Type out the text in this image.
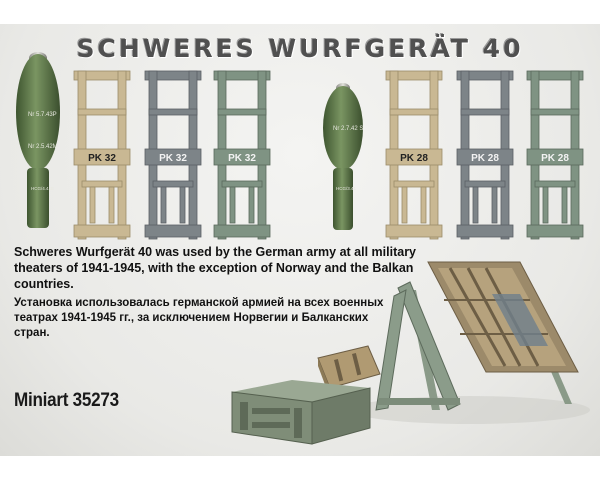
SCHWERES WURFGERÄT 40
Nr 5.7.43P
Nr 2.5.42M
HCG/4.41E
PK 32	PK 32	PK 32
Nr 2.7.42 S
HCG/3.41
PK 28	PK 28	PK 28
Schweres Wurfgerät 40 was used by the German army at all military theaters of 1941-1945, with the exception of Norway and the Balkan countries.
Установка использовалась германской армией на всех военных театрах 1941-1945 гг., за исключением Норвегии и Балканских стран.
Miniart 35273
